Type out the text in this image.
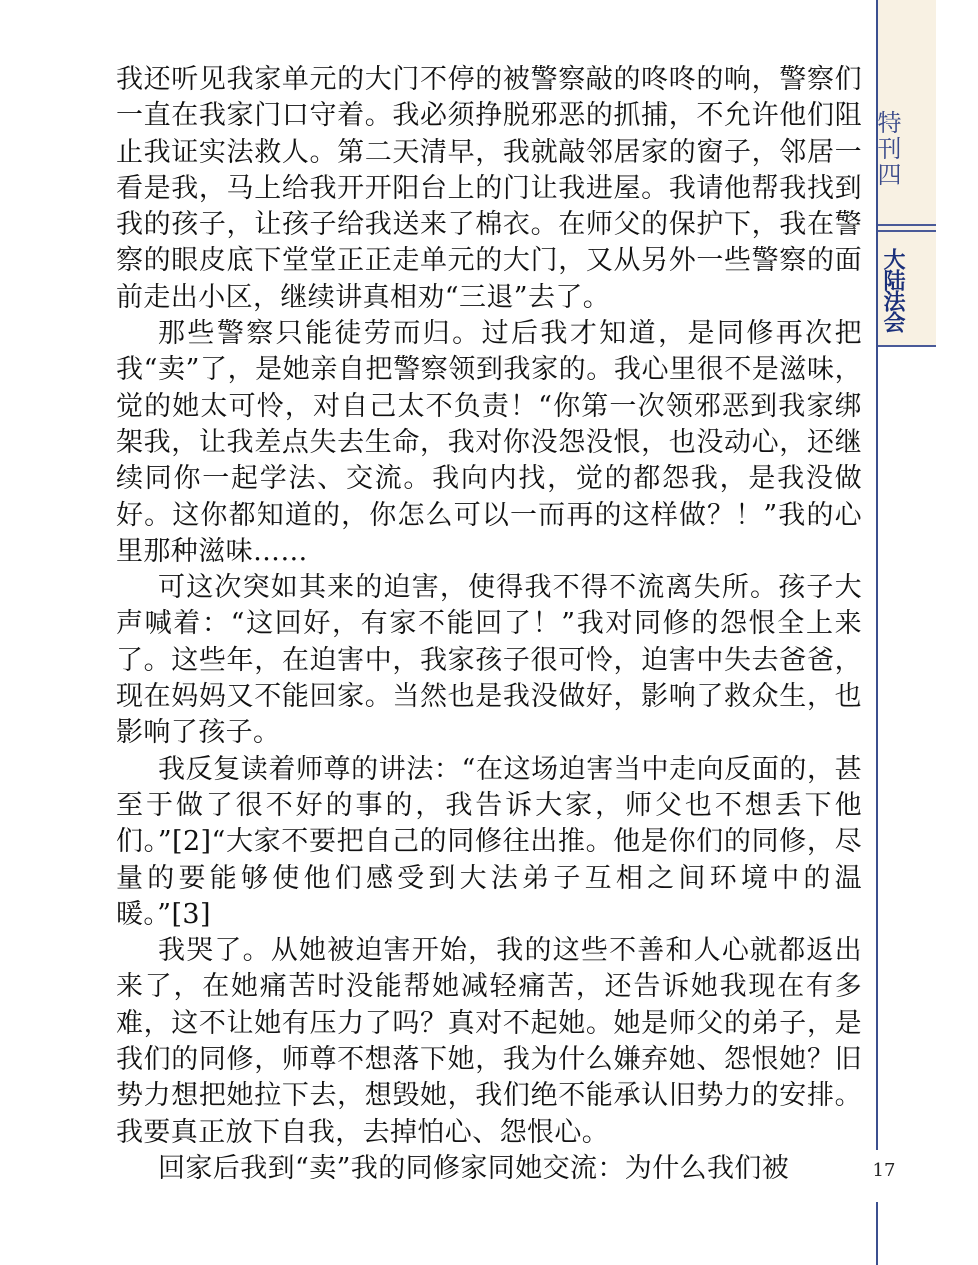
我还听见我家单元的大门不停的被警察敲的咚咚的响，警察们一直在我家门口守着。我必须挣脱邪恶的抓捕，不允许他们阻止我证实法救人。第二天清早，我就敲邻居家的窗子，邻居一看是我，马上给我开开阳台上的门让我进屋。我请他帮我找到我的孩子，让孩子给我送来了棉衣。在师父的保护下，我在警察的眼皮底下堂堂正正走单元的大门，又从另外一些警察的面前走出小区，继续讲真相劝“三退”去了。

那些警察只能徒劳而归。过后我才知道，是同修再次把我“卖”了，是她亲自把警察领到我家的。我心里很不是滋味，觉的她太可怜，对自己太不负责！“你第一次领邪恶到我家绑架我，让我差点失去生命，我对你没怨没恨，也没动心，还继续同你一起学法、交流。我向内找，觉的都怨我，是我没做好。这你都知道的，你怎么可以一而再的这样做？！”我的心里那种滋味……

可这次突如其来的迫害，使得我不得不流离失所。孩子大声喊着：“这回好，有家不能回了！”我对同修的怨恨全上来了。这些年，在迫害中，我家孩子很可怜，迫害中失去爸爸，现在妈妈又不能回家。当然也是我没做好，影响了救众生，也影响了孩子。

我反复读着师尊的讲法：“在这场迫害当中走向反面的，甚至于做了很不好的事的，我告诉大家，师父也不想丢下他们。”[2]“大家不要把自己的同修往出推。他是你们的同修，尽量的要能够使他们感受到大法弟子互相之间环境中的温暖。”[3]

我哭了。从她被迫害开始，我的这些不善和人心就都返出来了，在她痛苦时没能帮她减轻痛苦，还告诉她我现在有多难，这不让她有压力了吗？真对不起她。她是师父的弟子，是我们的同修，师尊不想落下她，我为什么嫌弃她、怨恨她？旧势力想把她拉下去，想毁她，我们绝不能承认旧势力的安排。我要真正放下自我，去掉怕心、怨恨心。

回家后我到“卖”我的同修家同她交流：为什么我们被

特刊四
大陆法会
17
